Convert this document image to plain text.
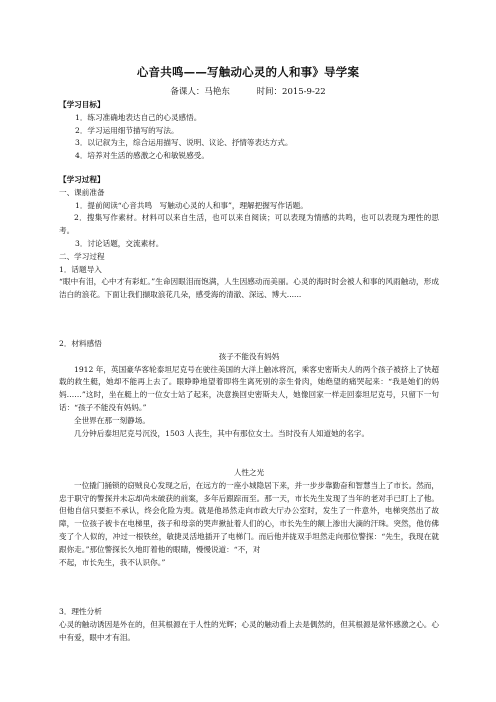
心音共鸣——写触动心灵的人和事》导学案
备课人：马艳东	时间：2015-9-22
【学习目标】
1．练习准确地表达自己的心灵感悟。
2．学习运用细节描写的写法。
3．以记叙为主，综合运用描写、说明、议论、抒情等表达方式。
4．培养对生活的感激之心和敏锐感受。
【学习过程】
一、课前准备
1．提前阅读“心音共鸣　写触动心灵的人和事”，理解把握写作话题。
2．搜集写作素材。材料可以来自生活，也可以来自阅读；可以表现为情感的共鸣，也可以表现为理性的思考。
3．讨论话题，交流素材。
二、学习过程
1．话题导入
“眼中有泪，心中才有彩虹。”生命因眼泪而饱满，人生因感动而美丽。心灵的海时时会被人和事的风雨触动，形成洁白的浪花。下面让我们撷取浪花几朵，感受海的清澈、深远、博大......
2．材料感悟
孩子不能没有妈妈
1912 年，英国豪华客轮泰坦尼克号在驶往美国的大洋上触冰将沉，乘客史密斯夫人的两个孩子被挤上了快超载的救生艇，她却不能再上去了。眼睁睁地望着即将生离死别的亲生骨肉，她绝望的痛哭起来：“我是她们的妈妈……”这时，坐在艇上的一位女士站了起来，决意换回史密斯夫人，她像回家一样走回泰坦尼克号，只留下一句话：“孩子不能没有妈妈。”
全世界在那一刻静场。
几分钟后泰坦尼克号沉没，1503 人丧生，其中有那位女士。当时没有人知道她的名字。
人性之光
一位撬门捅锁的窃贼良心发现之后，在远方的一座小城隐居下来，并一步步靠勤奋和智慧当上了市长。然而，忠于职守的警探并未忘却尚未破获的前案，多年后跟踪而至。那一天，市长先生发现了当年的老对手已盯上了他。但他自信只要拒不承认，终会化险为夷。就是他昂然走向市政大厅办公室时，发生了一件意外，电梯突然出了故障，一位孩子被卡在电梯里，孩子和母亲的哭声揪扯着人们的心，市长先生的额上渗出大滴的汗珠。突然，他仿佛变了个人似的，冲过一根铁丝，敏捷灵活地插开了电梯门。而后他并拢双手坦然走向那位警探：“先生，我现在就跟你走。”那位警探长久地盯着他的眼睛，慢慢说道：“不，对
不起，市长先生，我不认识你。”
3．理性分析
心灵的触动诱因是外在的，但其根源在于人性的光辉；心灵的触动看上去是偶然的，但其根源是常怀感激之心。心中有爱，眼中才有泪。
